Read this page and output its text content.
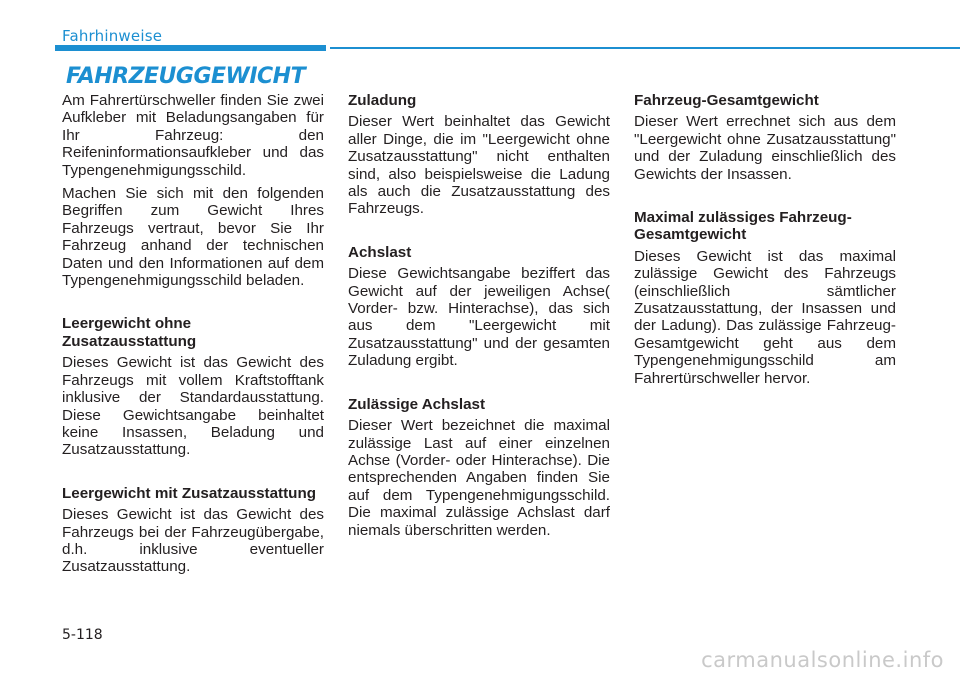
Fahrhinweise
FAHRZEUGGEWICHT

Am Fahrertürschweller finden Sie zwei Aufkleber mit Beladungsangaben für Ihr Fahrzeug: den Reifeninformationsaufkleber und das Typengenehmigungsschild.

Machen Sie sich mit den folgenden Begriffen zum Gewicht Ihres Fahrzeugs vertraut, bevor Sie Ihr Fahrzeug anhand der technischen Daten und den Informationen auf dem Typengenehmigungsschild beladen.

Leergewicht ohne Zusatzausstattung

Dieses Gewicht ist das Gewicht des Fahrzeugs mit vollem Kraftstofftank inklusive der Standardausstattung. Diese Gewichtsangabe beinhaltet keine Insassen, Beladung und Zusatzausstattung.

Leergewicht mit Zusatzausstattung

Dieses Gewicht ist das Gewicht des Fahrzeugs bei der Fahrzeugübergabe, d.h. inklusive eventueller Zusatzausstattung.

Zuladung

Dieser Wert beinhaltet das Gewicht aller Dinge, die im "Leergewicht ohne Zusatzausstattung" nicht enthalten sind, also beispielsweise die Ladung als auch die Zusatzausstattung des Fahrzeugs.

Achslast

Diese Gewichtsangabe beziffert das Gewicht auf der jeweiligen Achse( Vorder- bzw. Hinterachse), das sich aus dem "Leergewicht mit Zusatzausstattung" und der gesamten Zuladung ergibt.

Zulässige Achslast

Dieser Wert bezeichnet die maximal zulässige Last auf einer einzelnen Achse (Vorder- oder Hinterachse). Die entsprechenden Angaben finden Sie auf dem Typengenehmigungsschild. Die maximal zulässige Achslast darf niemals überschritten werden.

Fahrzeug-Gesamtgewicht

Dieser Wert errechnet sich aus dem "Leergewicht ohne Zusatzausstattung" und der Zuladung einschließlich des Gewichts der Insassen.

Maximal zulässiges Fahrzeug-Gesamtgewicht

Dieses Gewicht ist das maximal zulässige Gewicht des Fahrzeugs (einschließlich sämtlicher Zusatzausstattung, der Insassen und der Ladung). Das zulässige Fahrzeug-Gesamtgewicht geht aus dem Typengenehmigungsschild am Fahrertürschweller hervor.

5-118
carmanualsonline.info
